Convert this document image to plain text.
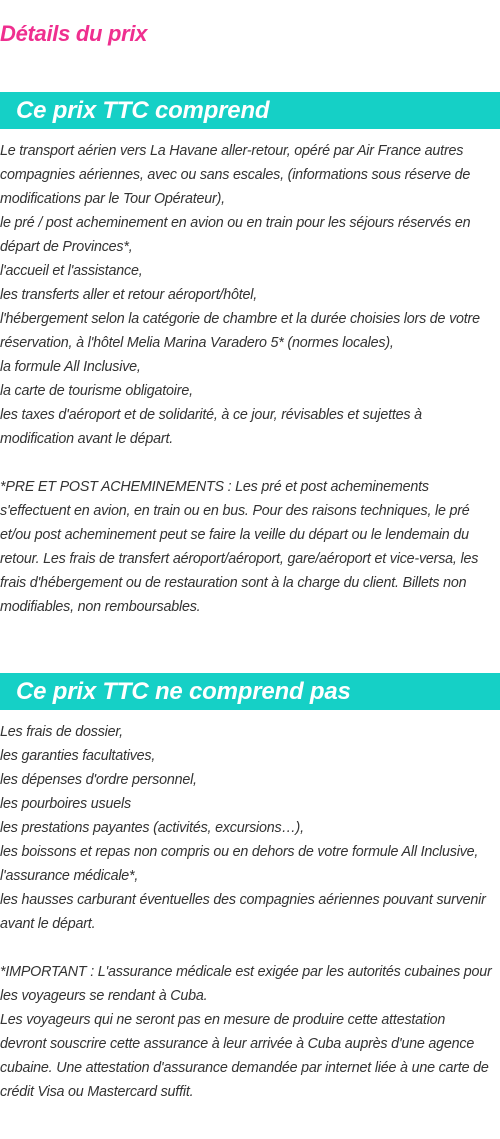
Détails du prix
Ce prix TTC comprend
Le transport aérien vers La Havane aller-retour, opéré par Air France autres
compagnies aériennes, avec ou sans escales, (informations sous réserve de
modifications par le Tour Opérateur),
le pré / post acheminement en avion ou en train pour les séjours réservés en
départ de Provinces*,
l'accueil et l'assistance,
les transferts aller et retour aéroport/hôtel,
l'hébergement selon la catégorie de chambre et la durée choisies lors de votre
réservation, à l'hôtel Melia Marina Varadero 5* (normes locales),
la formule All Inclusive,
la carte de tourisme obligatoire,
les taxes d'aéroport et de solidarité, à ce jour, révisables et sujettes à
modification avant le départ.
*PRE ET POST ACHEMINEMENTS : Les pré et post acheminements
s'effectuent en avion, en train ou en bus. Pour des raisons techniques, le pré
et/ou post acheminement peut se faire la veille du départ ou le lendemain du
retour. Les frais de transfert aéroport/aéroport, gare/aéroport et vice-versa, les
frais d'hébergement ou de restauration sont à la charge du client. Billets non
modifiables, non remboursables.
Ce prix TTC ne comprend pas
Les frais de dossier,
les garanties facultatives,
les dépenses d'ordre personnel,
les pourboires usuels
les prestations payantes (activités, excursions…),
les boissons et repas non compris ou en dehors de votre formule All Inclusive,
l'assurance médicale*,
les hausses carburant éventuelles des compagnies aériennes pouvant survenir
avant le départ.
*IMPORTANT : L'assurance médicale est exigée par les autorités cubaines pour
les voyageurs se rendant à Cuba.
Les voyageurs qui ne seront pas en mesure de produire cette attestation
devront souscrire cette assurance à leur arrivée à Cuba auprès d'une agence
cubaine. Une attestation d'assurance demandée par internet liée à une carte de
crédit Visa ou Mastercard suffit.
